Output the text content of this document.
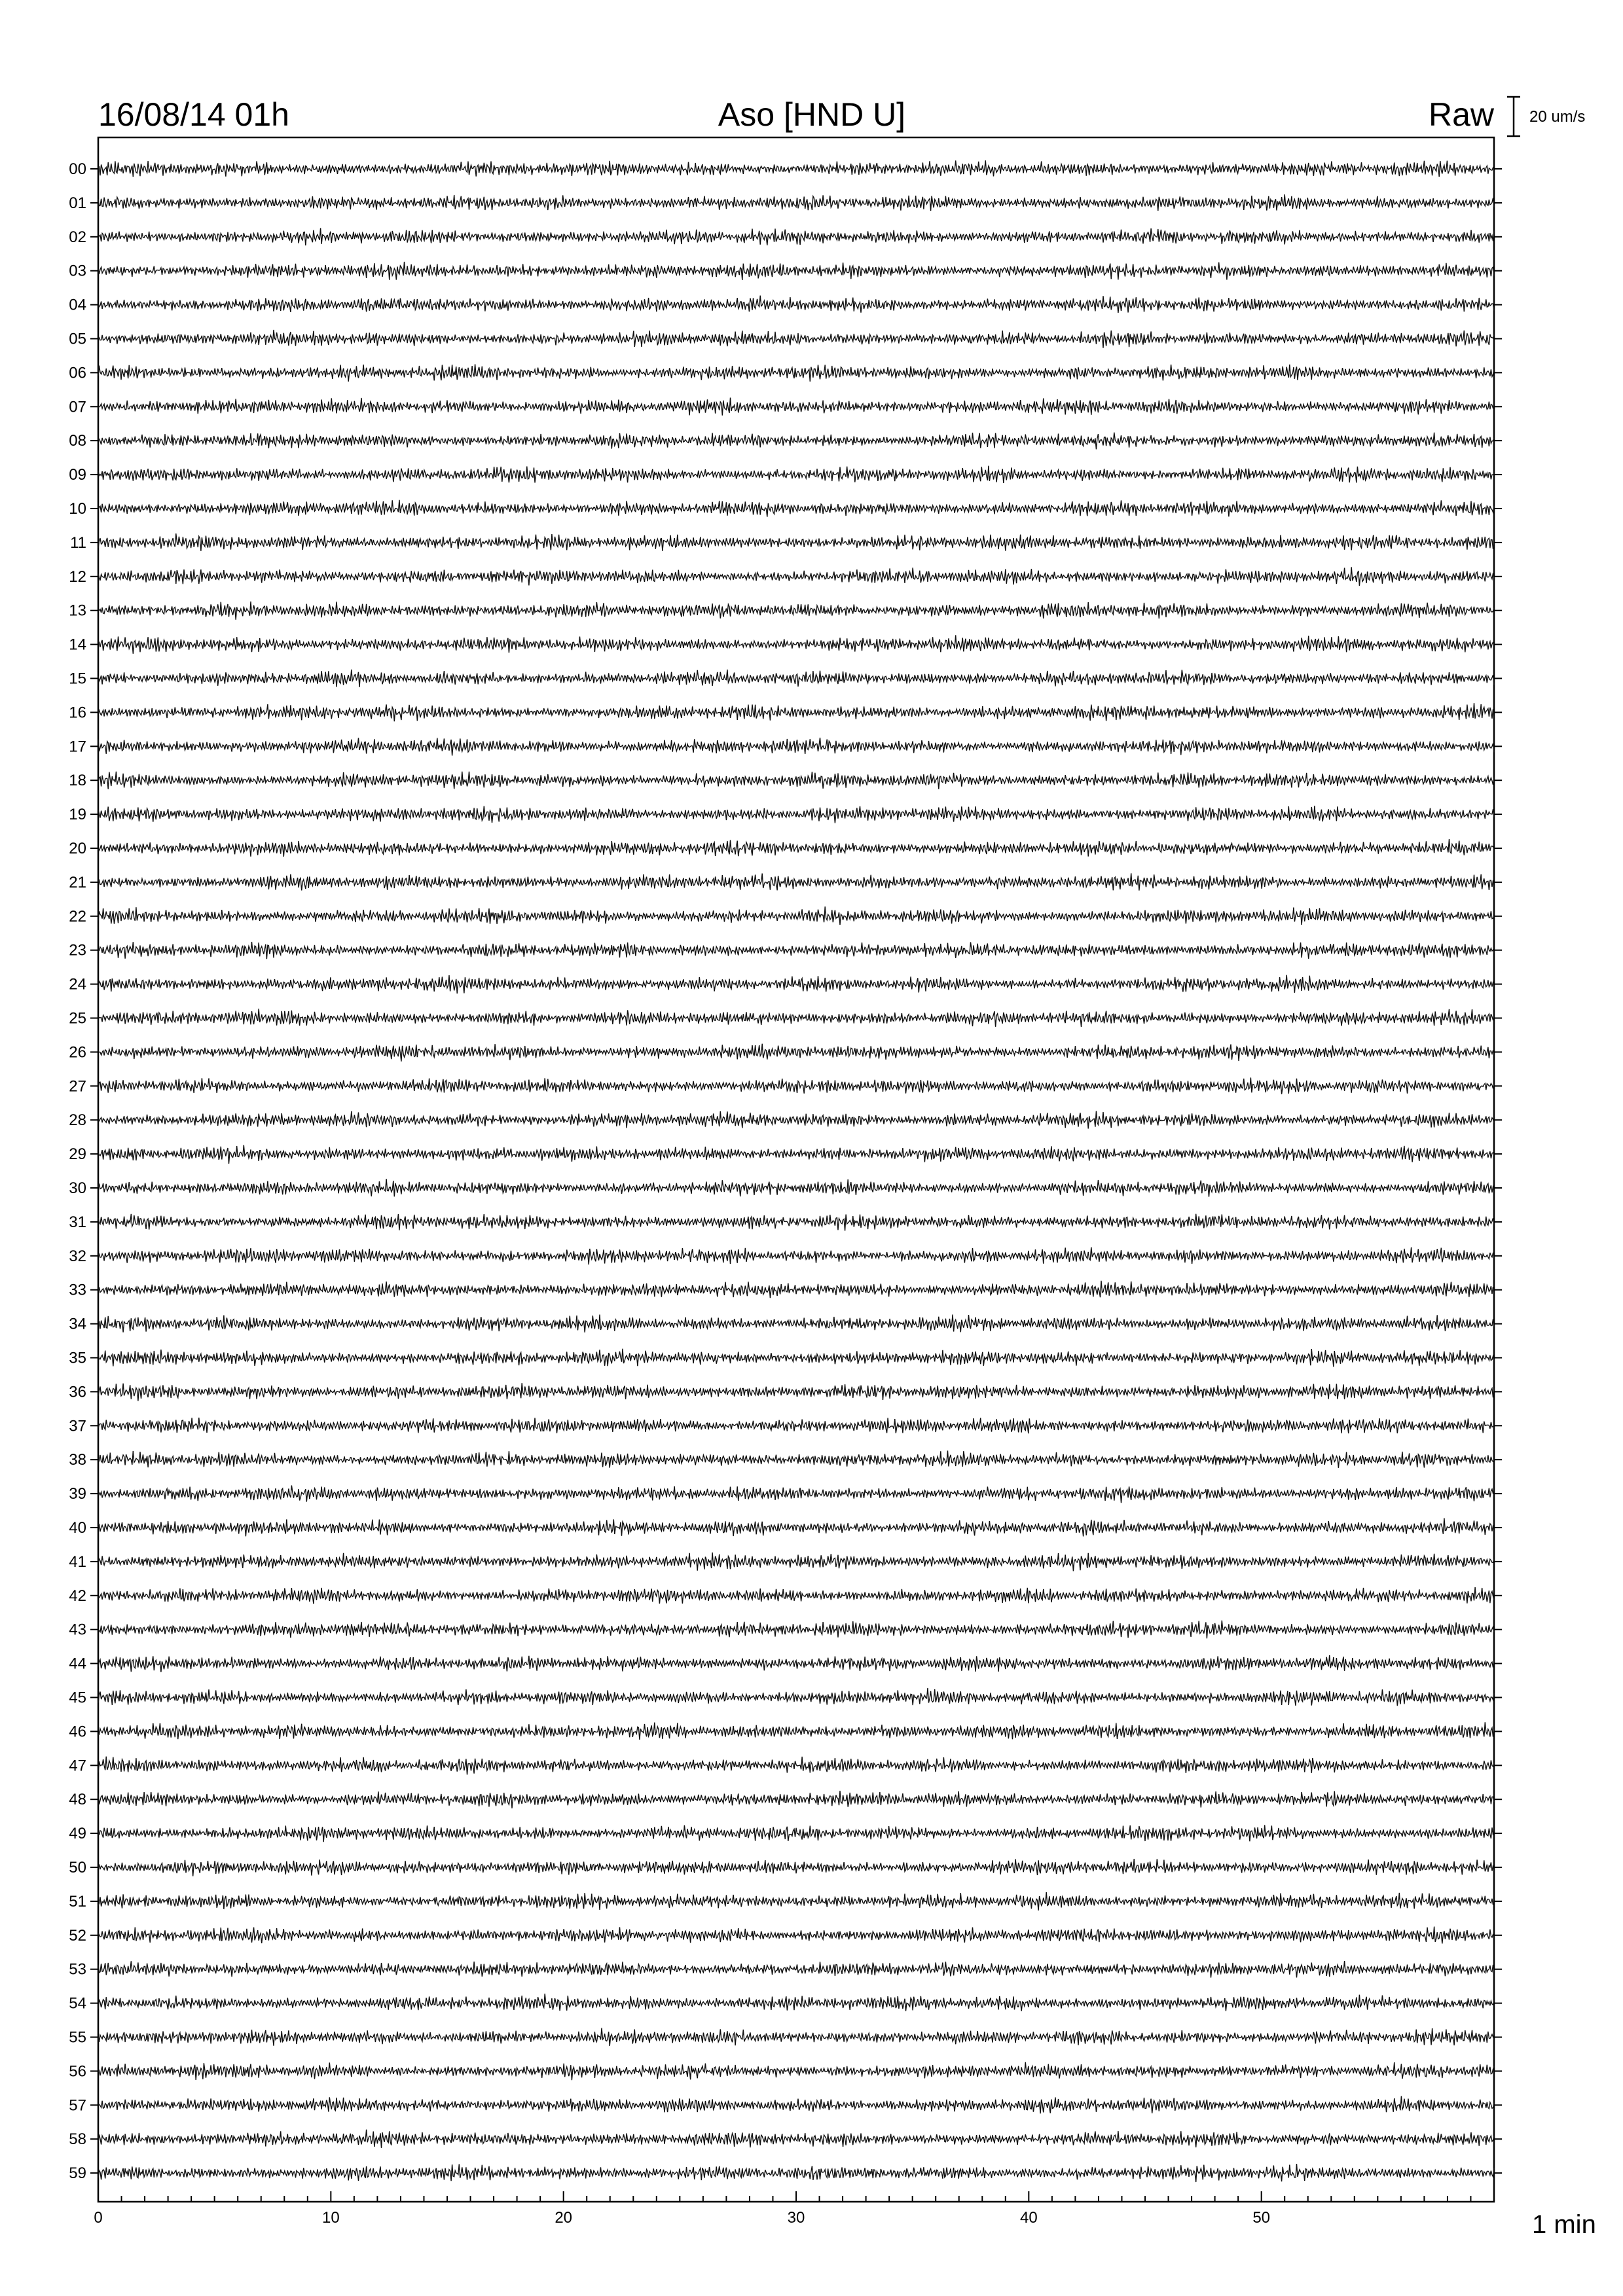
16/08/14 01h	Aso [HND U]	Raw 20 um/s
00
01
02
03
04
05
06
07
08
09
10
11
12
13
14
15
16
17
18
19
20
21
22
23
24
25
26
27
28
29
30
31
32
33
34
35
36
37
38
39
40
41
42
43
44
45
46
47
48
49
50
51
52
53
54
55
56
57
58
59
0	10	20	30	40	50	1 min
